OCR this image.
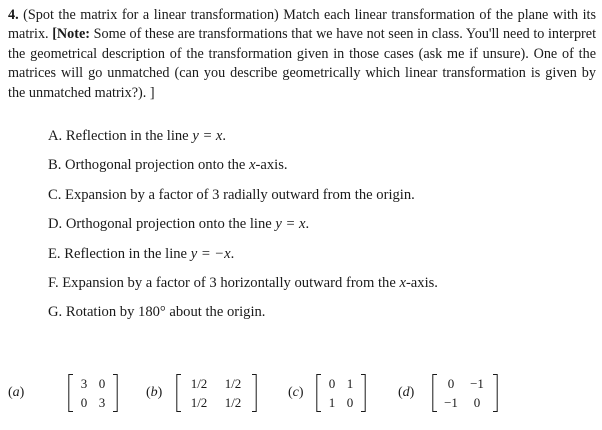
4. (Spot the matrix for a linear transformation) Match each linear transformation of the plane with its matrix. [Note: Some of these are transformations that we have not seen in class. You'll need to interpret the geometrical description of the transformation given in those cases (ask me if unsure). One of the matrices will go unmatched (can you describe geometrically which linear transformation is given by the unmatched matrix?). ]
A. Reflection in the line y = x.
B. Orthogonal projection onto the x-axis.
C. Expansion by a factor of 3 radially outward from the origin.
D. Orthogonal projection onto the line y = x.
E. Reflection in the line y = −x.
F. Expansion by a factor of 3 horizontally outward from the x-axis.
G. Rotation by 180° about the origin.
(a)
3 0
0 3
(b)
1/2	1/2
1/2	1/2
(c)
0 1
1 0
(d)
0	−1
−1	0
